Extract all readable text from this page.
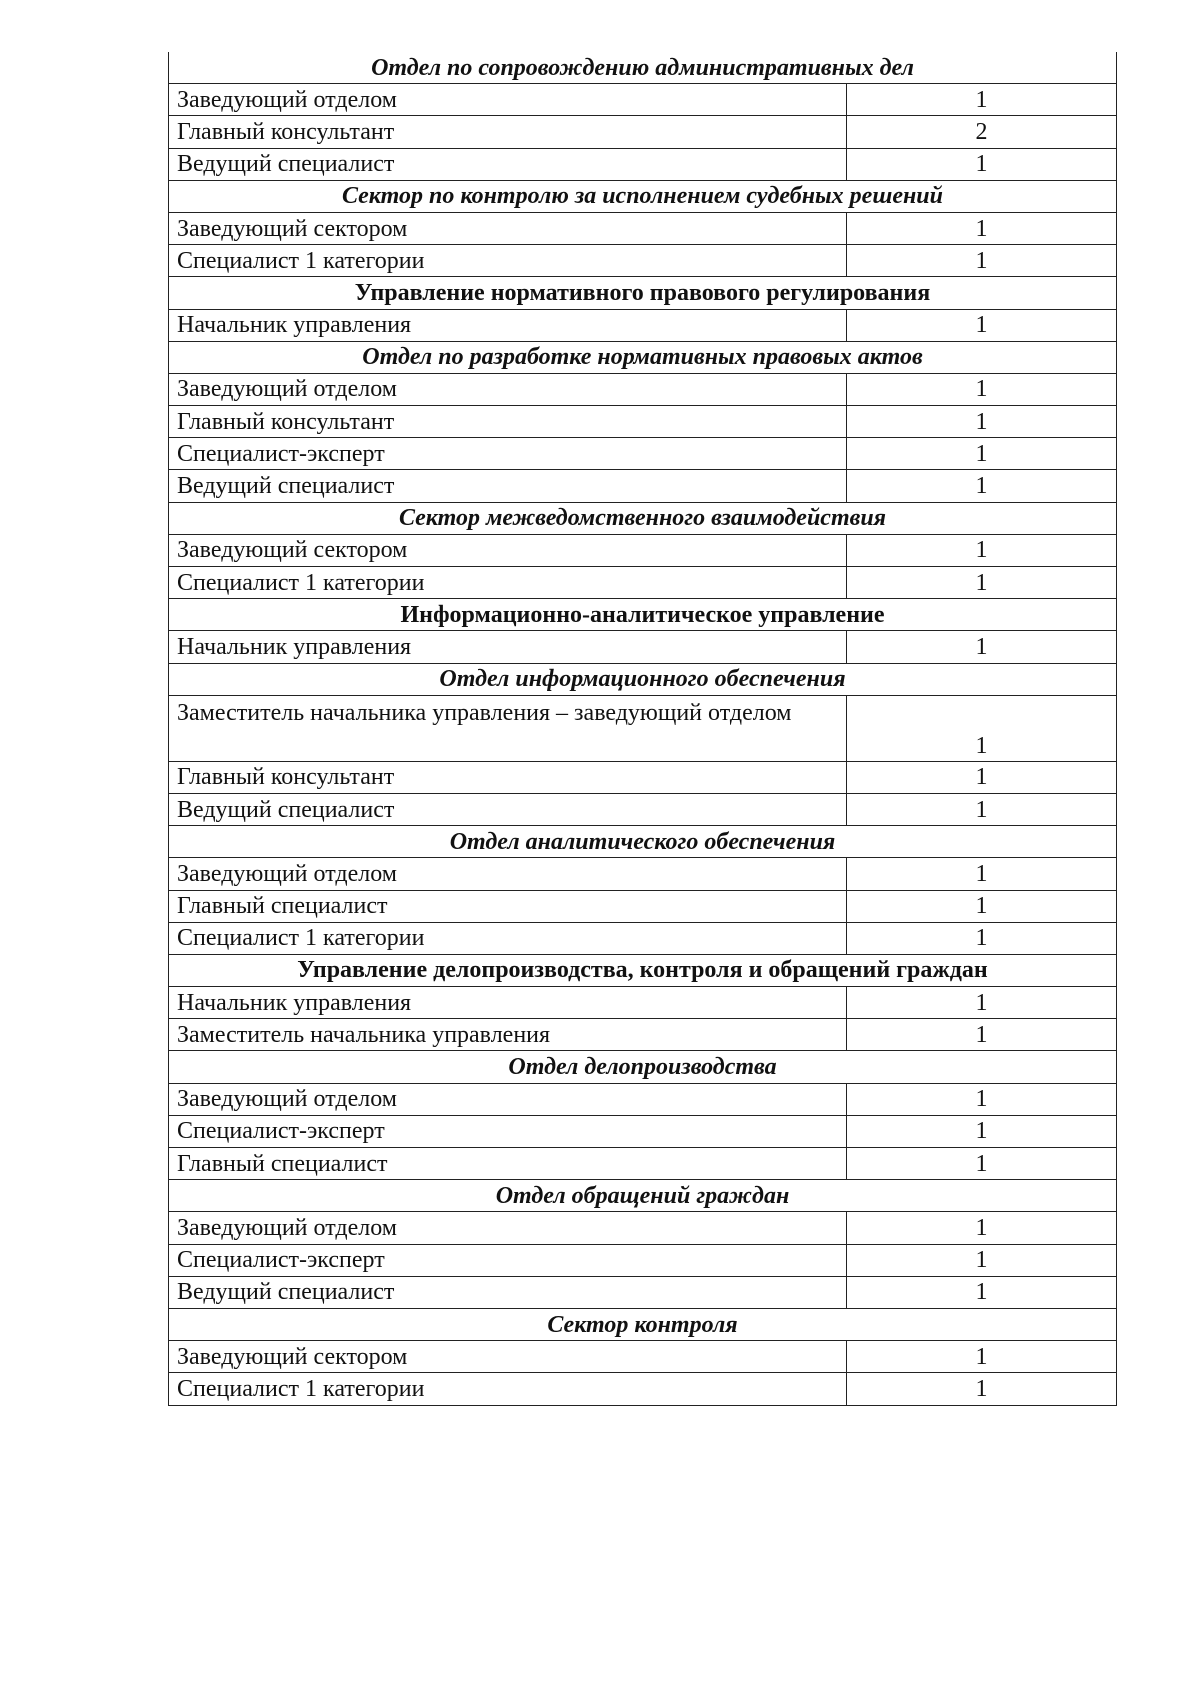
Отдел по сопровождению административных дел	
Заведующий отделом	1
Главный консультант	2
Ведущий специалист	1
Сектор по контролю за исполнением судебных решений	
Заведующий сектором	1
Специалист 1 категории	1
Управление нормативного правового регулирования	
Начальник управления	1
Отдел по разработке нормативных правовых актов	
Заведующий отделом	1
Главный консультант	1
Специалист-эксперт	1
Ведущий специалист	1
Сектор межведомственного взаимодействия	
Заведующий сектором	1
Специалист 1 категории	1
Информационно-аналитическое управление	
Начальник управления	1
Отдел информационного обеспечения	
Заместитель начальника управления – заведующий отделом	1
Главный консультант	1
Ведущий специалист	1
Отдел аналитического обеспечения	
Заведующий отделом	1
Главный специалист	1
Специалист 1 категории	1
Управление делопроизводства, контроля и обращений граждан	
Начальник управления	1
Заместитель начальника управления	1
Отдел делопроизводства	
Заведующий отделом	1
Специалист-эксперт	1
Главный специалист	1
Отдел обращений граждан	
Заведующий отделом	1
Специалист-эксперт	1
Ведущий специалист	1
Сектор контроля	
Заведующий сектором	1
Специалист 1 категории	1
